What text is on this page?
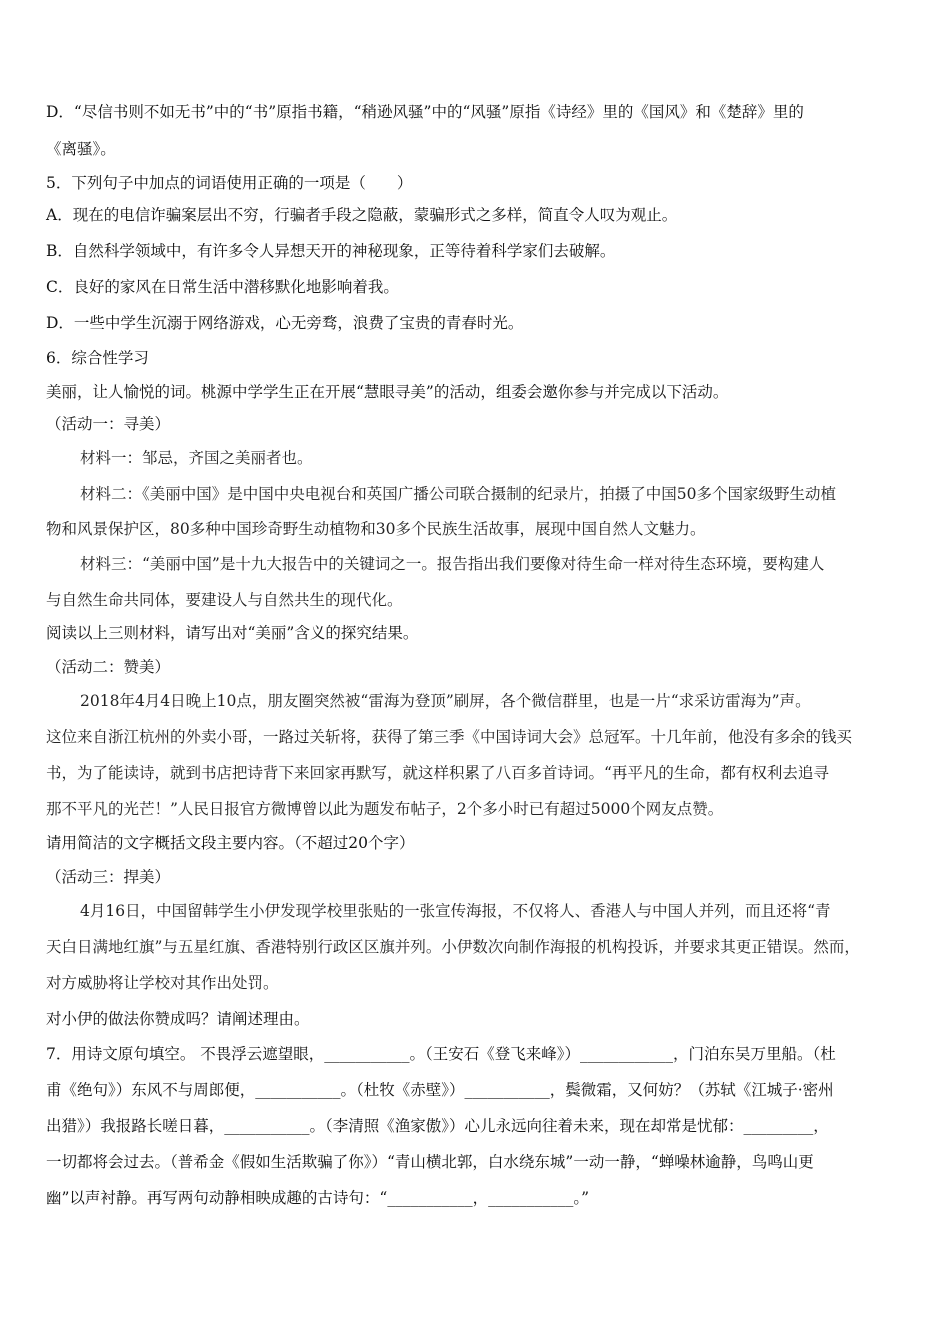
D．“尽信书则不如无书”中的“书”原指书籍，“稍逊风骚”中的“风骚”原指《诗经》里的《国风》和《楚辞》里的
《离骚》。
5．下列句子中加点的词语使用正确的一项是（　　）
A．现在的电信诈骗案层出不穷，行骗者手段之隐蔽，蒙骗形式之多样，简直令人叹为观止。
B．自然科学领域中，有许多令人异想天开的神秘现象，正等待着科学家们去破解。
C．良好的家风在日常生活中潜移默化地影响着我。
D．一些中学生沉溺于网络游戏，心无旁骛，浪费了宝贵的青春时光。
6．综合性学习
美丽，让人愉悦的词。桃源中学学生正在开展“慧眼寻美”的活动，组委会邀你参与并完成以下活动。
（活动一：寻美）
材料一：邹忌，齐国之美丽者也。
材料二：《美丽中国》是中国中央电视台和英国广播公司联合摄制的纪录片，拍摄了中国50多个国家级野生动植
物和风景保护区，80多种中国珍奇野生动植物和30多个民族生活故事，展现中国自然人文魅力。
材料三：“美丽中国”是十九大报告中的关键词之一。报告指出我们要像对待生命一样对待生态环境，要构建人
与自然生命共同体，要建设人与自然共生的现代化。
阅读以上三则材料，请写出对“美丽”含义的探究结果。
（活动二：赞美）
2018年4月4日晚上10点，朋友圈突然被“雷海为登顶”刷屏，各个微信群里，也是一片“求采访雷海为”声。
这位来自浙江杭州的外卖小哥，一路过关斩将，获得了第三季《中国诗词大会》总冠军。十几年前，他没有多余的钱买
书，为了能读诗，就到书店把诗背下来回家再默写，就这样积累了八百多首诗词。“再平凡的生命，都有权利去追寻
那不平凡的光芒！”人民日报官方微博曾以此为题发布帖子，2个多小时已有超过5000个网友点赞。
请用简洁的文字概括文段主要内容。（不超过20个字）
（活动三：捍美）
4月16日，中国留韩学生小伊发现学校里张贴的一张宣传海报，不仅将人、香港人与中国人并列，而且还将“青
天白日满地红旗”与五星红旗、香港特别行政区区旗并列。小伊数次向制作海报的机构投诉，并要求其更正错误。然而，
对方威胁将让学校对其作出处罚。
对小伊的做法你赞成吗？请阐述理由。
7．用诗文原句填空。 不畏浮云遮望眼，___________。（王安石《登飞来峰》）____________，门泊东吴万里船。（杜
甫《绝句》）东风不与周郎便，___________。（杜牧《赤壁》）___________，鬓微霜，又何妨？（苏轼《江城子·密州
出猎》）我报路长嗟日暮，___________。（李清照《渔家傲》）心儿永远向往着未来，现在却常是忧郁：_________，
一切都将会过去。（普希金《假如生活欺骗了你》）“青山横北郭，白水绕东城”一动一静，“蝉噪林逾静，鸟鸣山更
幽”以声衬静。再写两句动静相映成趣的古诗句：“___________，___________。”
